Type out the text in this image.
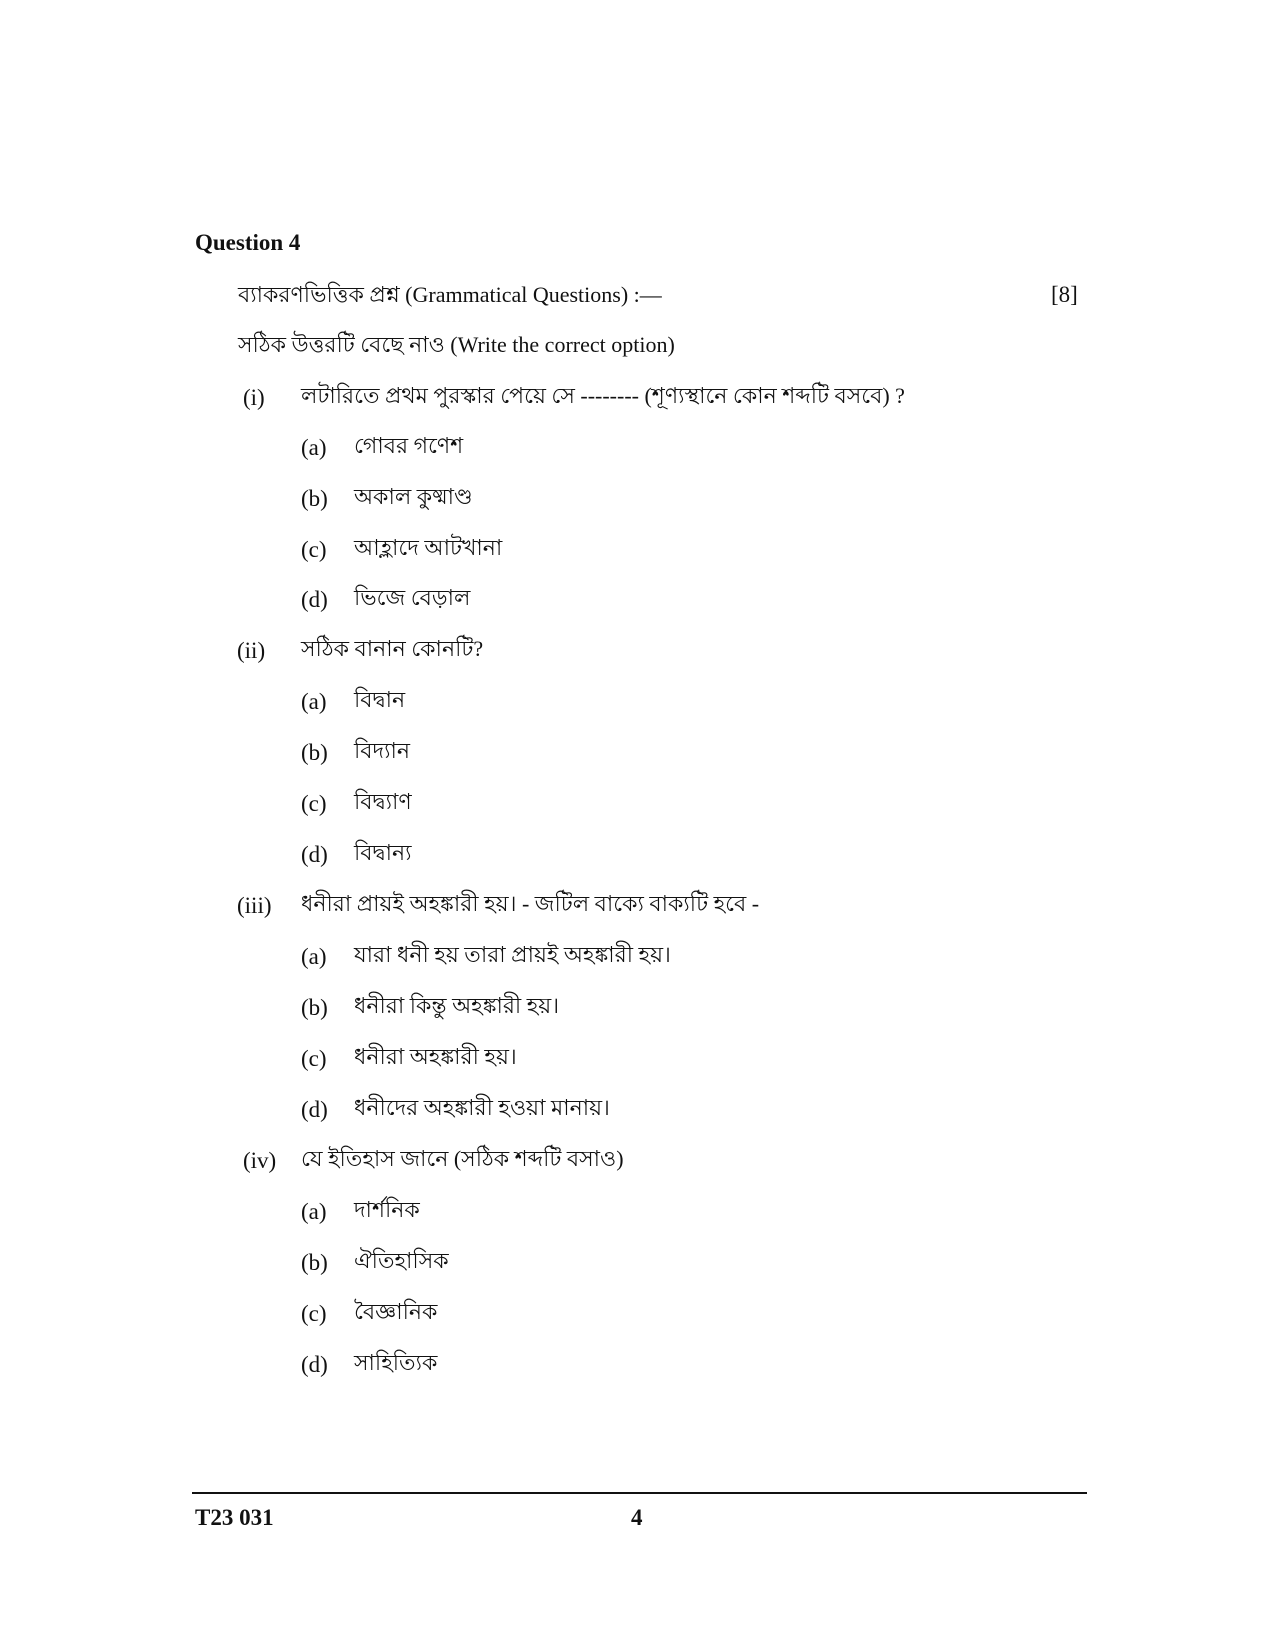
Question 4
ব্যাকরণভিত্তিক প্রশ্ন (Grammatical Questions) :—	[8]
সঠিক উত্তরটি বেছে নাও (Write the correct option)
(i) লটারিতে প্রথম পুরস্কার পেয়ে সে -------- (শূণ্যস্থানে কোন শব্দটি বসবে) ?
(a) গোবর গণেশ
(b) অকাল কুষ্মাণ্ড
(c) আহ্লাদে আটখানা
(d) ভিজে বেড়াল
(ii) সঠিক বানান কোনটি?
(a) বিদ্বান
(b) বিদ্যান
(c) বিদ্ব্যাণ
(d) বিদ্বান্য
(iii) ধনীরা প্রায়ই অহঙ্কারী হয়। - জটিল বাক্যে বাক্যটি হবে -
(a) যারা ধনী হয় তারা প্রায়ই অহঙ্কারী হয়।
(b) ধনীরা কিন্তু অহঙ্কারী হয়।
(c) ধনীরা অহঙ্কারী হয়।
(d) ধনীদের অহঙ্কারী হওয়া মানায়।
(iv) যে ইতিহাস জানে (সঠিক শব্দটি বসাও)
(a) দার্শনিক
(b) ঐতিহাসিক
(c) বৈজ্ঞানিক
(d) সাহিত্যিক
T23 031	4
